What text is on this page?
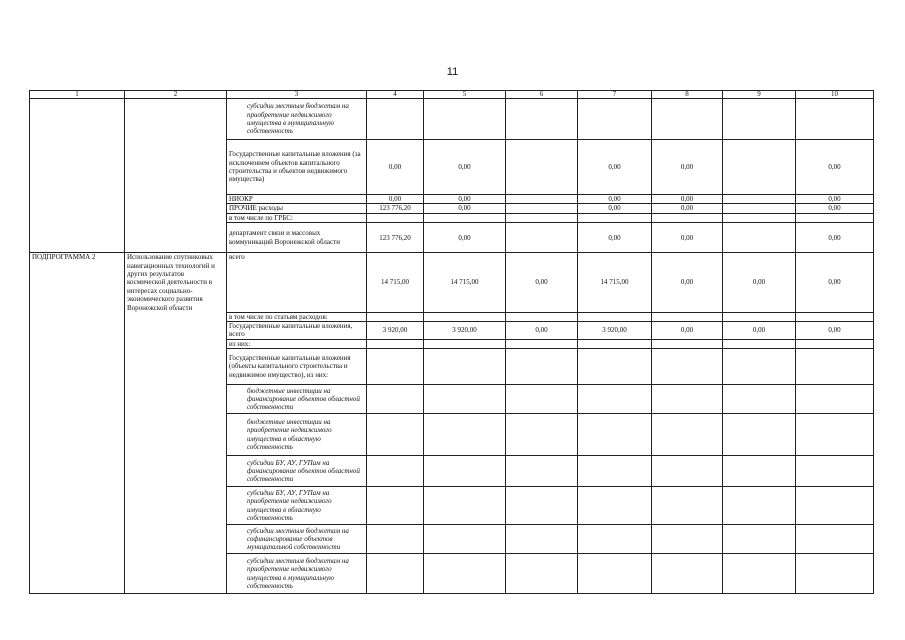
11
1	2	3	4	5	6	7	8	9	10
		субсидии местным бюджетам на приобретение недвижимого имущества в муниципальную собственность							
		Государственные капитальные вложения (за исключением объектов капитального строительства и объектов недвижимого имущества)	0,00	0,00		0,00	0,00		0,00
		НИОКР	0,00	0,00		0,00	0,00		0,00
		ПРОЧИЕ расходы	123 776,20	0,00		0,00	0,00		0,00
		в том числе по ГРБС:							
		департамент связи и массовых коммуникаций Воронежской области	123 776,20	0,00		0,00	0,00		0,00
ПОДПРОГРАММА 2	Использование спутниковых навигационных технологий и других результатов космической деятельности в интересах социально-экономического развития Воронежской области	всего	14 715,00	14 715,00	0,00	14 715,00	0,00	0,00	0,00
		в том числе по статьям расходов:							
		Государственные капитальные вложения, всего	3 920,00	3 920,00	0,00	3 920,00	0,00	0,00	0,00
		из них:							
		Государственные капитальные вложения (объекты капитального строительства и недвижимое имущество), из них:							
		бюджетные инвестиции на финансирование объектов областной собственности							
		бюджетные инвестиции на приобретение недвижимого имущества в областную собственность							
		субсидии БУ, АУ, ГУПам на финансирование объектов областной собственности							
		субсидии БУ, АУ, ГУПам на приобретение недвижимого имущества в областную собственность							
		субсидии местным бюджетам на софинансирование объектов муниципальной собственности							
		субсидии местным бюджетам на приобретение недвижимого имущества в муниципальную собственность							
